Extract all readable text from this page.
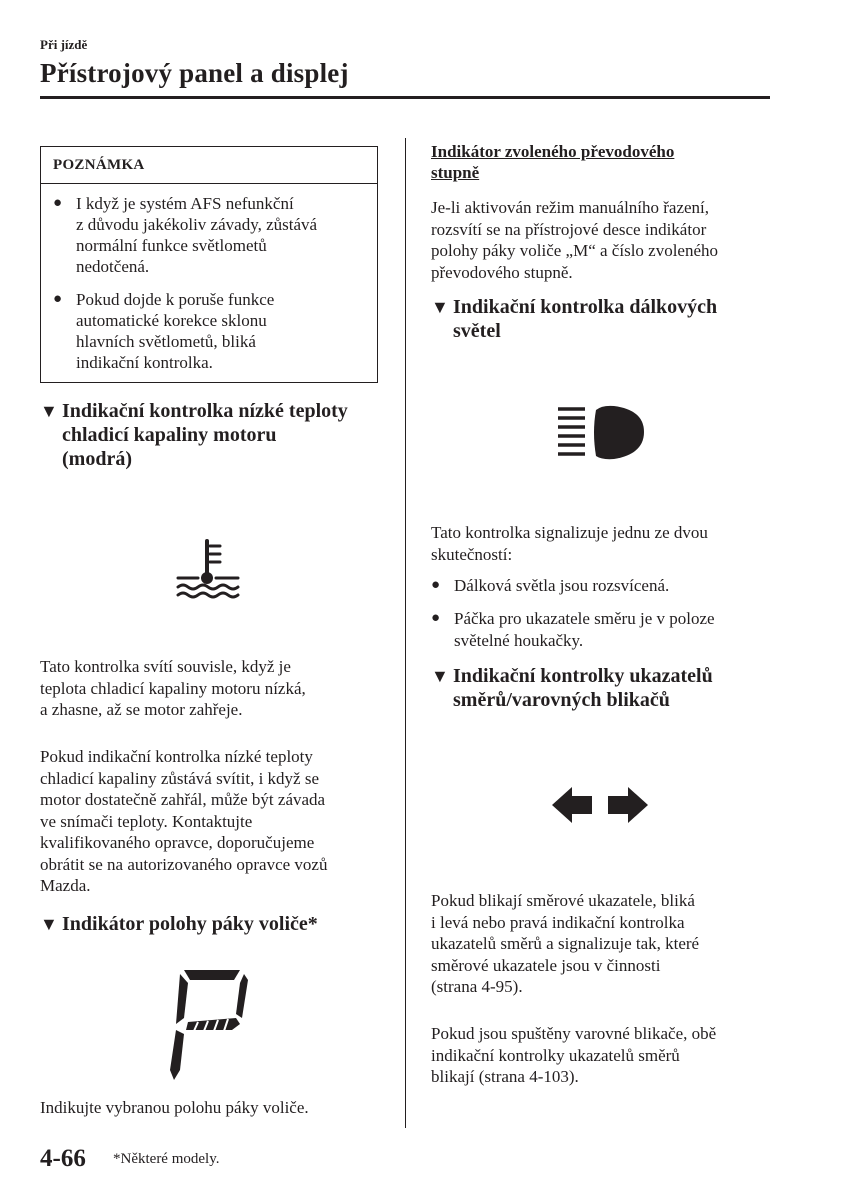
Při jízdě
Přístrojový panel a displej
POZNÁMKA
● I když je systém AFS nefunkční
z důvodu jakékoliv závady, zůstává
normální funkce světlometů
nedotčená.
● Pokud dojde k poruše funkce
automatické korekce sklonu
hlavních světlometů, bliká
indikační kontrolka.
▼ Indikační kontrolka nízké teploty
chladicí kapaliny motoru
(modrá)
Tato kontrolka svítí souvisle, když je
teplota chladicí kapaliny motoru nízká,
a zhasne, až se motor zahřeje.
Pokud indikační kontrolka nízké teploty
chladicí kapaliny zůstává svítit, i když se
motor dostatečně zahřál, může být závada
ve snímači teploty. Kontaktujte
kvalifikovaného opravce, doporučujeme
obrátit se na autorizovaného opravce vozů
Mazda.
▼ Indikátor polohy páky voliče*
Indikujte vybranou polohu páky voliče.
Indikátor zvoleného převodového
stupně
Je-li aktivován režim manuálního řazení,
rozsvítí se na přístrojové desce indikátor
polohy páky voliče „M“ a číslo zvoleného
převodového stupně.
▼ Indikační kontrolka dálkových
světel
Tato kontrolka signalizuje jednu ze dvou
skutečností:
● Dálková světla jsou rozsvícená.
● Páčka pro ukazatele směru je v poloze
světelné houkačky.
▼ Indikační kontrolky ukazatelů
směrů/varovných blikačů
Pokud blikají směrové ukazatele, bliká
i levá nebo pravá indikační kontrolka
ukazatelů směrů a signalizuje tak, které
směrové ukazatele jsou v činnosti
(strana 4-95).
Pokud jsou spuštěny varovné blikače, obě
indikační kontrolky ukazatelů směrů
blikají (strana 4-103).
4-66 *Některé modely.
